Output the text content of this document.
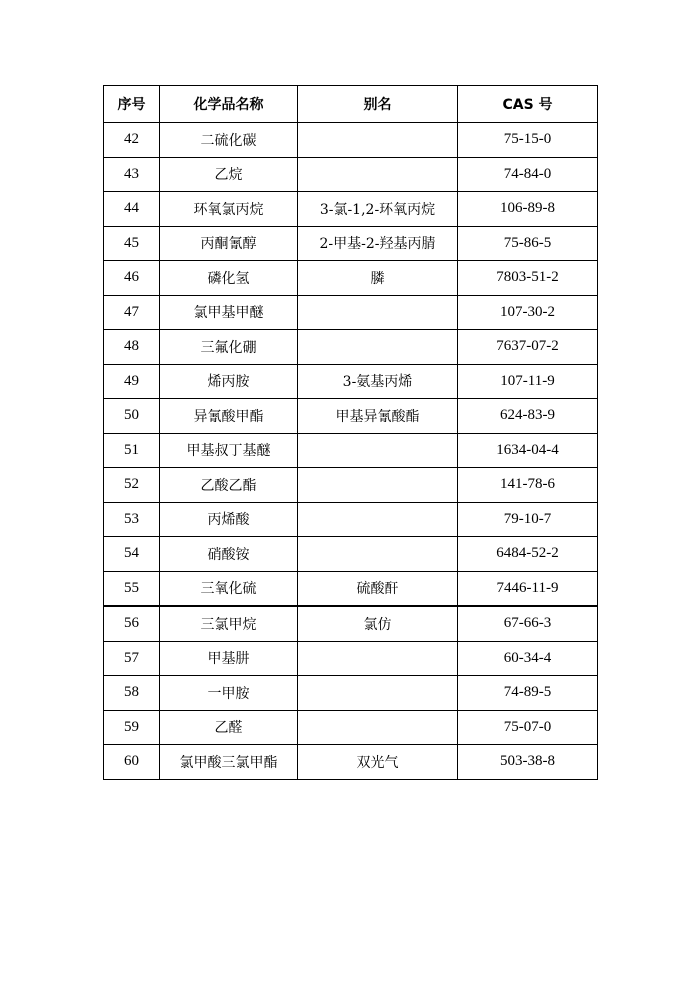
序号	化学品名称	别名	CAS 号
42	二硫化碳		75-15-0
43	乙烷		74-84-0
44	环氧氯丙烷	3-氯-1,2-环氧丙烷	106-89-8
45	丙酮氰醇	2-甲基-2-羟基丙腈	75-86-5
46	磷化氢	膦	7803-51-2
47	氯甲基甲醚		107-30-2
48	三氟化硼		7637-07-2
49	烯丙胺	3-氨基丙烯	107-11-9
50	异氰酸甲酯	甲基异氰酸酯	624-83-9
51	甲基叔丁基醚		1634-04-4
52	乙酸乙酯		141-78-6
53	丙烯酸		79-10-7
54	硝酸铵		6484-52-2
55	三氧化硫	硫酸酐	7446-11-9
56	三氯甲烷	氯仿	67-66-3
57	甲基肼		60-34-4
58	一甲胺		74-89-5
59	乙醛		75-07-0
60	氯甲酸三氯甲酯	双光气	503-38-8
